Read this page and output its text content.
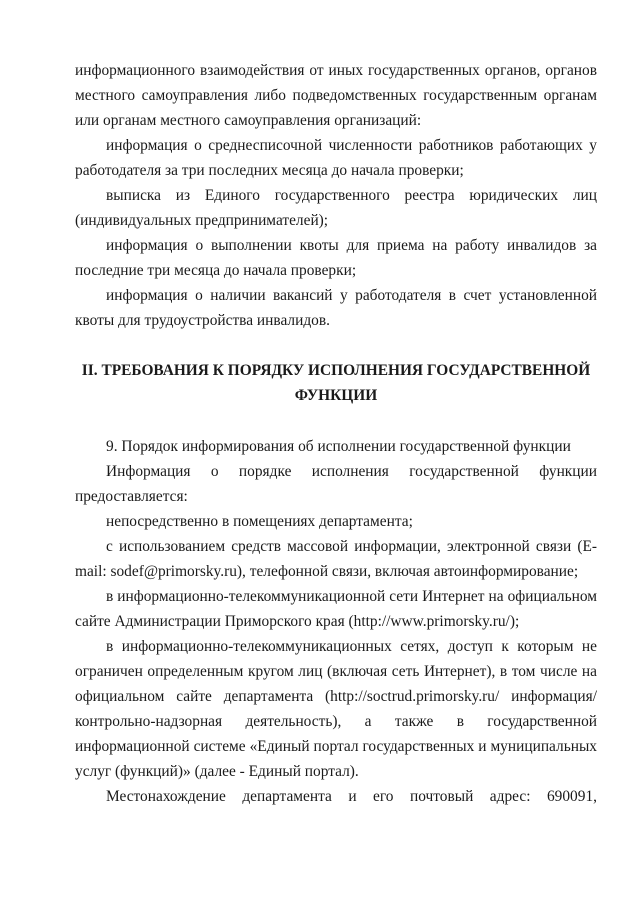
информационного взаимодействия от иных государственных органов, органов местного самоуправления либо подведомственных государственным органам или органам местного самоуправления организаций:

информация о среднесписочной численности работников работающих у работодателя за три последних месяца до начала проверки;

выписка из Единого государственного реестра юридических лиц (индивидуальных предпринимателей);

информация о выполнении квоты для приема на работу инвалидов за последние три месяца до начала проверки;

информация о наличии вакансий у работодателя в счет установленной квоты для трудоустройства инвалидов.

II. ТРЕБОВАНИЯ К ПОРЯДКУ ИСПОЛНЕНИЯ ГОСУДАРСТВЕННОЙ
ФУНКЦИИ

9. Порядок информирования об исполнении государственной функции

Информация о порядке исполнения государственной функции предоставляется:

непосредственно в помещениях департамента;

с использованием средств массовой информации, электронной связи (E-mail: sodef@primorsky.ru), телефонной связи, включая автоинформирование;

в информационно-телекоммуникационной сети Интернет на официальном сайте Администрации Приморского края (http://www.primorsky.ru/);

в информационно-телекоммуникационных сетях, доступ к которым не ограничен определенным кругом лиц (включая сеть Интернет), в том числе на официальном сайте департамента (http://soctrud.primorsky.ru/ информация/контрольно-надзорная деятельность), а также в государственной информационной системе «Единый портал государственных и муниципальных услуг (функций)» (далее - Единый портал).

Местонахождение департамента и его почтовый адрес: 690091,
